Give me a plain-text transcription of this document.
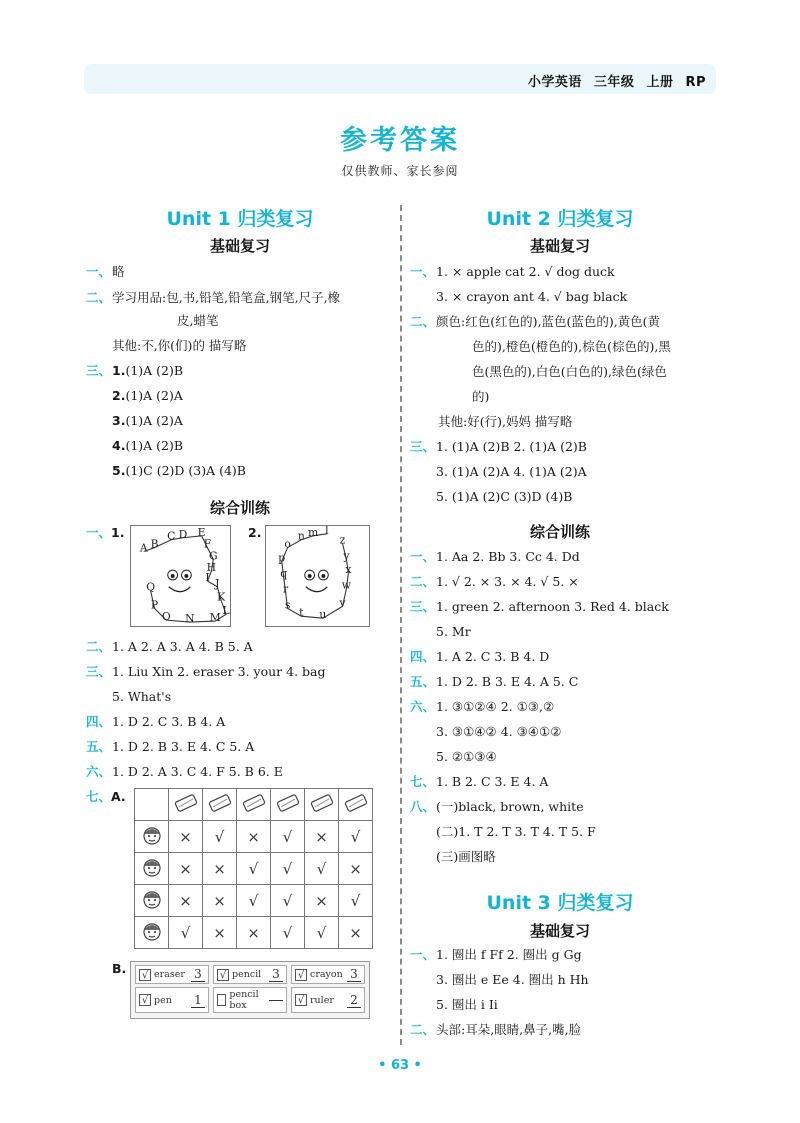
小学英语 三年级 上册 RP
参考答案
仅供教师、家长参阅
Unit 1 归类复习
基础复习
一、略
二、学习用品:包,书,铅笔,铅笔盒,钢笔,尺子,橡
皮,蜡笔
其他:不,你(们)的 描写略
三、1.(1)A (2)B
2.(1)A (2)A
3.(1)A (2)A
4.(1)A (2)B
5.(1)C (2)D (3)A (4)B
综合训练
一、1.	2.
A B
C D E
F
G
H
I J
K
L
M
N
O
P
Q
l
m
n
o
p
q
r
s
t u
v
w
x
y
z
二、1. A 2. A 3. A 4. B 5. A
三、1. Liu Xin 2. eraser 3. your 4. bag
5. What's
四、1. D 2. C 3. B 4. A
五、1. D 2. B 3. E 4. C 5. A
六、1. D 2. A 3. C 4. F 5. B 6. E
七、A.

	×	√	×	√	×	√
	×	×	√	√	√	×
	×	×	√	√	×	√
	√	×	×	√	√	×
B. √ eraser 3	√ pencil 3	√ crayon 3
√ pen 1	pencil box	√ ruler 2
Unit 2 归类复习
基础复习
一、1. × apple cat 2. √ dog duck
3. × crayon ant 4. √ bag black
二、颜色:红色(红色的),蓝色(蓝色的),黄色(黄
色的),橙色(橙色的),棕色(棕色的),黑
色(黑色的),白色(白色的),绿色(绿色
的)
其他:好(行),妈妈 描写略
三、1. (1)A (2)B 2. (1)A (2)B
3. (1)A (2)A 4. (1)A (2)A
5. (1)A (2)C (3)D (4)B
综合训练
一、1. Aa 2. Bb 3. Cc 4. Dd
二、1. √ 2. × 3. × 4. √ 5. ×
三、1. green 2. afternoon 3. Red 4. black
5. Mr
四、1. A 2. C 3. B 4. D
五、1. D 2. B 3. E 4. A 5. C
六、1. ③①②④ 2. ①③,②
3. ③①④② 4. ③④①②
5. ②①③④
七、1. B 2. C 3. E 4. A
八、(一)black, brown, white
(二)1. T 2. T 3. T 4. T 5. F
(三)画图略
Unit 3 归类复习
基础复习
一、1. 圈出 f Ff 2. 圈出 g Gg
3. 圈出 e Ee 4. 圈出 h Hh
5. 圈出 i Ii
二、头部:耳朵,眼睛,鼻子,嘴,脸
• 63 •
